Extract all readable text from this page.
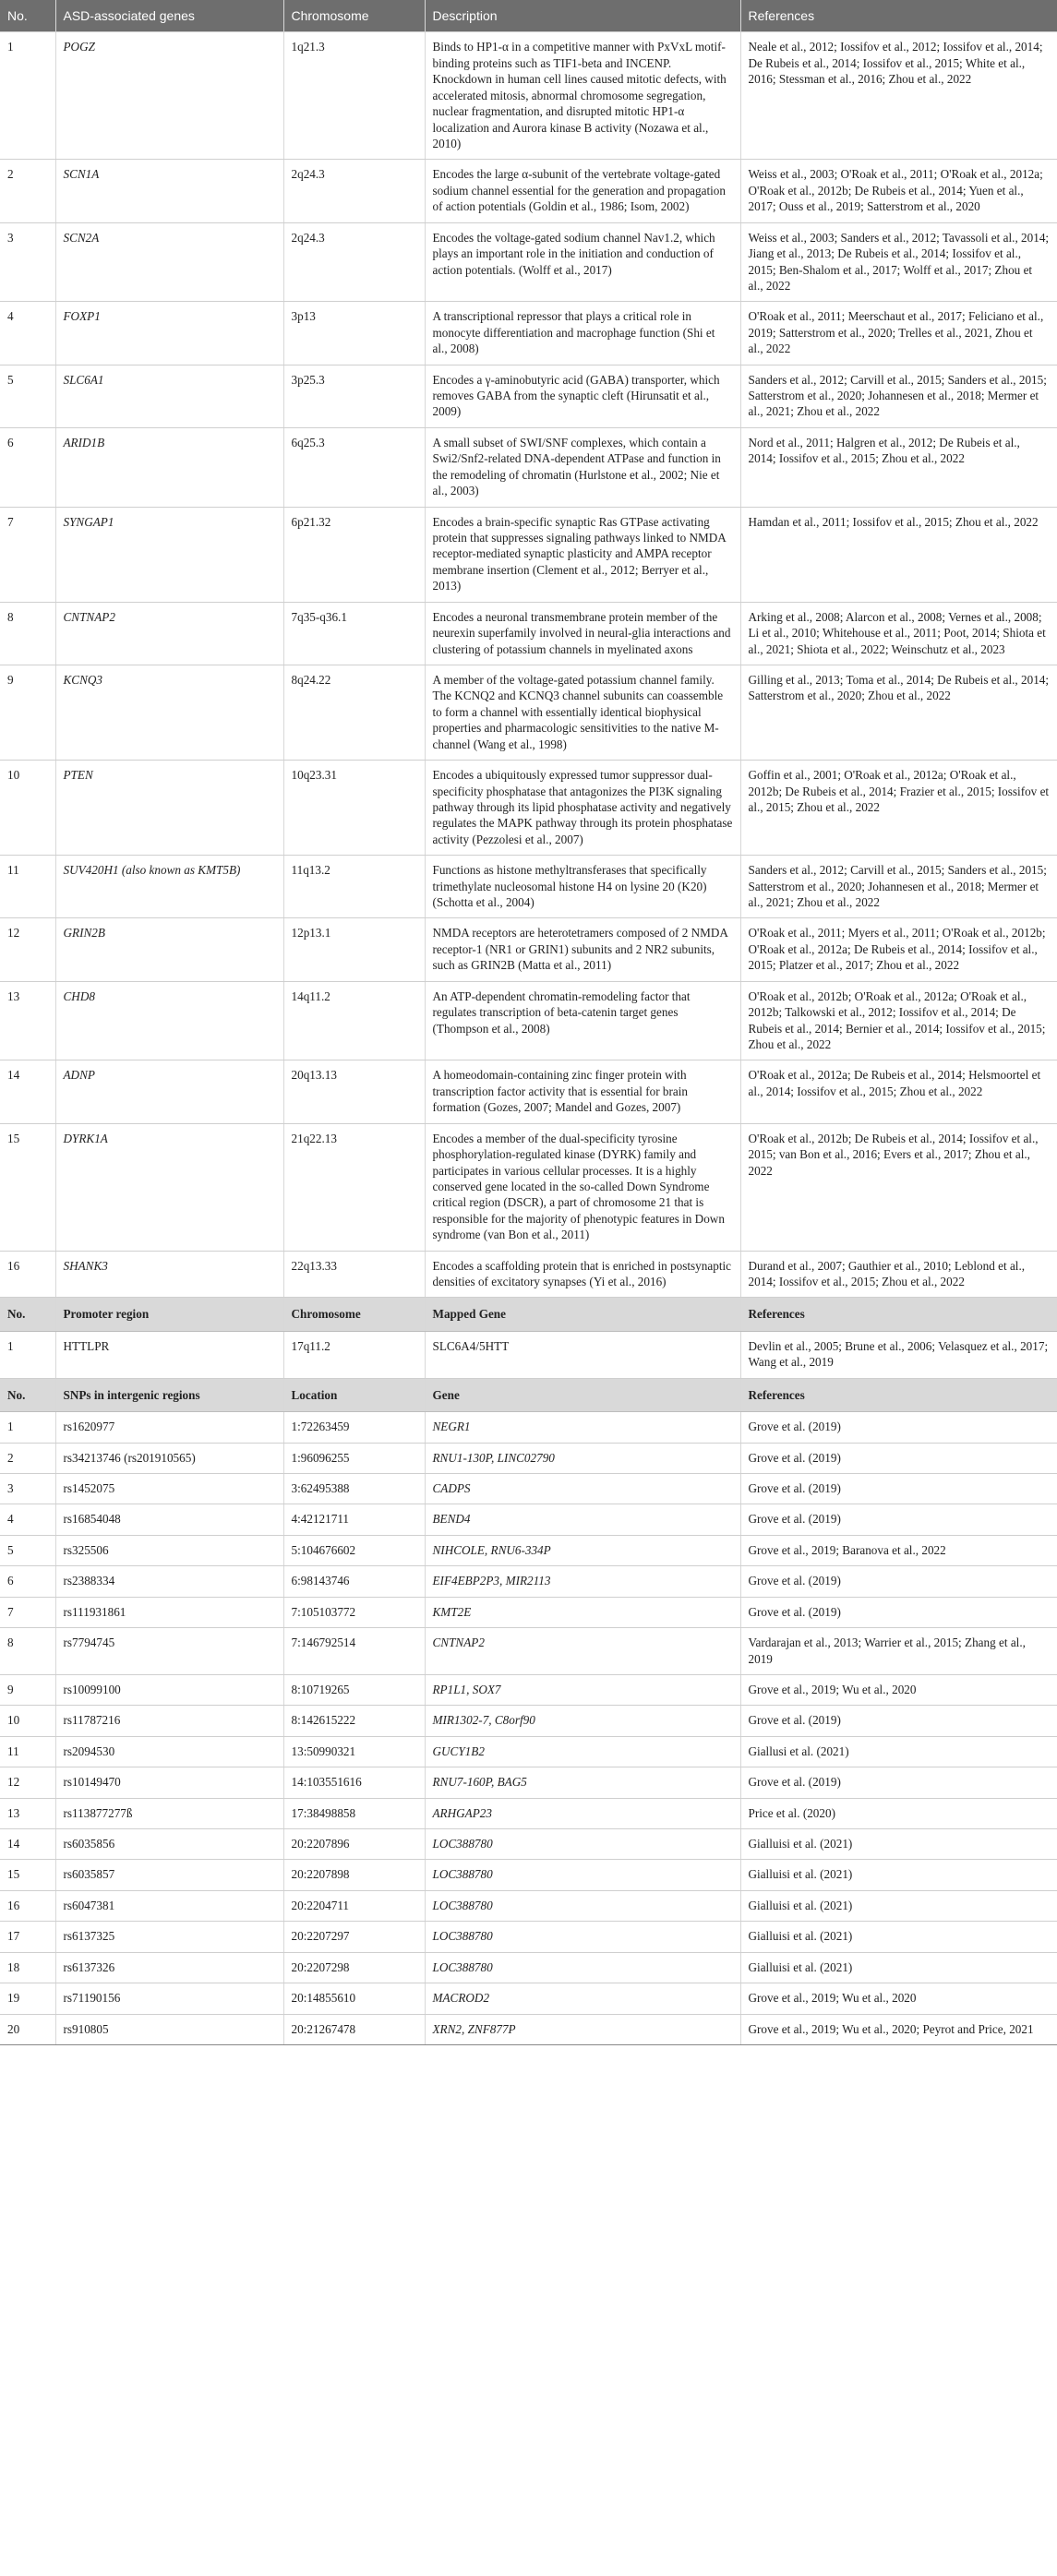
No.	ASD-associated genes	Chromosome	Description	References
1	POGZ	1q21.3	Binds to HP1-α in a competitive manner with PxVxL motif-binding proteins such as TIF1-beta and INCENP. Knockdown in human cell lines caused mitotic defects, with accelerated mitosis, abnormal chromosome segregation, nuclear fragmentation, and disrupted mitotic HP1-α localization and Aurora kinase B activity (Nozawa et al., 2010)	Neale et al., 2012; Iossifov et al., 2012; Iossifov et al., 2014; De Rubeis et al., 2014; Iossifov et al., 2015; White et al., 2016; Stessman et al., 2016; Zhou et al., 2022
2	SCN1A	2q24.3	Encodes the large α-subunit of the vertebrate voltage-gated sodium channel essential for the generation and propagation of action potentials (Goldin et al., 1986; Isom, 2002)	Weiss et al., 2003; O'Roak et al., 2011; O'Roak et al., 2012a; O'Roak et al., 2012b; De Rubeis et al., 2014; Yuen et al., 2017; Ouss et al., 2019; Satterstrom et al., 2020
3	SCN2A	2q24.3	Encodes the voltage-gated sodium channel Nav1.2, which plays an important role in the initiation and conduction of action potentials. (Wolff et al., 2017)	Weiss et al., 2003; Sanders et al., 2012; Tavassoli et al., 2014; Jiang et al., 2013; De Rubeis et al., 2014; Iossifov et al., 2015; Ben-Shalom et al., 2017; Wolff et al., 2017; Zhou et al., 2022
4	FOXP1	3p13	A transcriptional repressor that plays a critical role in monocyte differentiation and macrophage function (Shi et al., 2008)	O'Roak et al., 2011; Meerschaut et al., 2017; Feliciano et al., 2019; Satterstrom et al., 2020; Trelles et al., 2021, Zhou et al., 2022
5	SLC6A1	3p25.3	Encodes a γ-aminobutyric acid (GABA) transporter, which removes GABA from the synaptic cleft (Hirunsatit et al., 2009)	Sanders et al., 2012; Carvill et al., 2015; Sanders et al., 2015; Satterstrom et al., 2020; Johannesen et al., 2018; Mermer et al., 2021; Zhou et al., 2022
6	ARID1B	6q25.3	A small subset of SWI/SNF complexes, which contain a Swi2/Snf2-related DNA-dependent ATPase and function in the remodeling of chromatin (Hurlstone et al., 2002; Nie et al., 2003)	Nord et al., 2011; Halgren et al., 2012; De Rubeis et al., 2014; Iossifov et al., 2015; Zhou et al., 2022
7	SYNGAP1	6p21.32	Encodes a brain-specific synaptic Ras GTPase activating protein that suppresses signaling pathways linked to NMDA receptor-mediated synaptic plasticity and AMPA receptor membrane insertion (Clement et al., 2012; Berryer et al., 2013)	Hamdan et al., 2011; Iossifov et al., 2015; Zhou et al., 2022
8	CNTNAP2	7q35-q36.1	Encodes a neuronal transmembrane protein member of the neurexin superfamily involved in neural-glia interactions and clustering of potassium channels in myelinated axons	Arking et al., 2008; Alarcon et al., 2008; Vernes et al., 2008; Li et al., 2010; Whitehouse et al., 2011; Poot, 2014; Shiota et al., 2021; Shiota et al., 2022; Weinschutz et al., 2023
9	KCNQ3	8q24.22	A member of the voltage-gated potassium channel family. The KCNQ2 and KCNQ3 channel subunits can coassemble to form a channel with essentially identical biophysical properties and pharmacologic sensitivities to the native M-channel (Wang et al., 1998)	Gilling et al., 2013; Toma et al., 2014; De Rubeis et al., 2014; Satterstrom et al., 2020; Zhou et al., 2022
10	PTEN	10q23.31	Encodes a ubiquitously expressed tumor suppressor dual-specificity phosphatase that antagonizes the PI3K signaling pathway through its lipid phosphatase activity and negatively regulates the MAPK pathway through its protein phosphatase activity (Pezzolesi et al., 2007)	Goffin et al., 2001; O'Roak et al., 2012a; O'Roak et al., 2012b; De Rubeis et al., 2014; Frazier et al., 2015; Iossifov et al., 2015; Zhou et al., 2022
11	SUV420H1 (also known as KMT5B)	11q13.2	Functions as histone methyltransferases that specifically trimethylate nucleosomal histone H4 on lysine 20 (K20) (Schotta et al., 2004)	Sanders et al., 2012; Carvill et al., 2015; Sanders et al., 2015; Satterstrom et al., 2020; Johannesen et al., 2018; Mermer et al., 2021; Zhou et al., 2022
12	GRIN2B	12p13.1	NMDA receptors are heterotetramers composed of 2 NMDA receptor-1 (NR1 or GRIN1) subunits and 2 NR2 subunits, such as GRIN2B (Matta et al., 2011)	O'Roak et al., 2011; Myers et al., 2011; O'Roak et al., 2012b; O'Roak et al., 2012a; De Rubeis et al., 2014; Iossifov et al., 2015; Platzer et al., 2017; Zhou et al., 2022
13	CHD8	14q11.2	An ATP-dependent chromatin-remodeling factor that regulates transcription of beta-catenin target genes (Thompson et al., 2008)	O'Roak et al., 2012b; O'Roak et al., 2012a; O'Roak et al., 2012b; Talkowski et al., 2012; Iossifov et al., 2014; De Rubeis et al., 2014; Bernier et al., 2014; Iossifov et al., 2015; Zhou et al., 2022
14	ADNP	20q13.13	A homeodomain-containing zinc finger protein with transcription factor activity that is essential for brain formation (Gozes, 2007; Mandel and Gozes, 2007)	O'Roak et al., 2012a; De Rubeis et al., 2014; Helsmoortel et al., 2014; Iossifov et al., 2015; Zhou et al., 2022
15	DYRK1A	21q22.13	Encodes a member of the dual-specificity tyrosine phosphorylation-regulated kinase (DYRK) family and participates in various cellular processes. It is a highly conserved gene located in the so-called Down Syndrome critical region (DSCR), a part of chromosome 21 that is responsible for the majority of phenotypic features in Down syndrome (van Bon et al., 2011)	O'Roak et al., 2012b; De Rubeis et al., 2014; Iossifov et al., 2015; van Bon et al., 2016; Evers et al., 2017; Zhou et al., 2022
16	SHANK3	22q13.33	Encodes a scaffolding protein that is enriched in postsynaptic densities of excitatory synapses (Yi et al., 2016)	Durand et al., 2007; Gauthier et al., 2010; Leblond et al., 2014; Iossifov et al., 2015; Zhou et al., 2022
No.	Promoter region	Chromosome	Mapped Gene	References
1	HTTLPR	17q11.2	SLC6A4/5HTT	Devlin et al., 2005; Brune et al., 2006; Velasquez et al., 2017; Wang et al., 2019
No.	SNPs in intergenic regions	Location	Gene	References
1	rs1620977	1:72263459	NEGR1	Grove et al. (2019)
2	rs34213746 (rs201910565)	1:96096255	RNU1-130P, LINC02790	Grove et al. (2019)
3	rs1452075	3:62495388	CADPS	Grove et al. (2019)
4	rs16854048	4:42121711	BEND4	Grove et al. (2019)
5	rs325506	5:104676602	NIHCOLE, RNU6-334P	Grove et al., 2019; Baranova et al., 2022
6	rs2388334	6:98143746	EIF4EBP2P3, MIR2113	Grove et al. (2019)
7	rs111931861	7:105103772	KMT2E	Grove et al. (2019)
8	rs7794745	7:146792514	CNTNAP2	Vardarajan et al., 2013; Warrier et al., 2015; Zhang et al., 2019
9	rs10099100	8:10719265	RP1L1, SOX7	Grove et al., 2019; Wu et al., 2020
10	rs11787216	8:142615222	MIR1302-7, C8orf90	Grove et al. (2019)
11	rs2094530	13:50990321	GUCY1B2	Giallusi et al. (2021)
12	rs10149470	14:103551616	RNU7-160P, BAG5	Grove et al. (2019)
13	rs113877277ß	17:38498858	ARHGAP23	Price et al. (2020)
14	rs6035856	20:2207896	LOC388780	Gialluisi et al. (2021)
15	rs6035857	20:2207898	LOC388780	Gialluisi et al. (2021)
16	rs6047381	20:2204711	LOC388780	Gialluisi et al. (2021)
17	rs6137325	20:2207297	LOC388780	Gialluisi et al. (2021)
18	rs6137326	20:2207298	LOC388780	Gialluisi et al. (2021)
19	rs71190156	20:14855610	MACROD2	Grove et al., 2019; Wu et al., 2020
20	rs910805	20:21267478	XRN2, ZNF877P	Grove et al., 2019; Wu et al., 2020; Peyrot and Price, 2021
